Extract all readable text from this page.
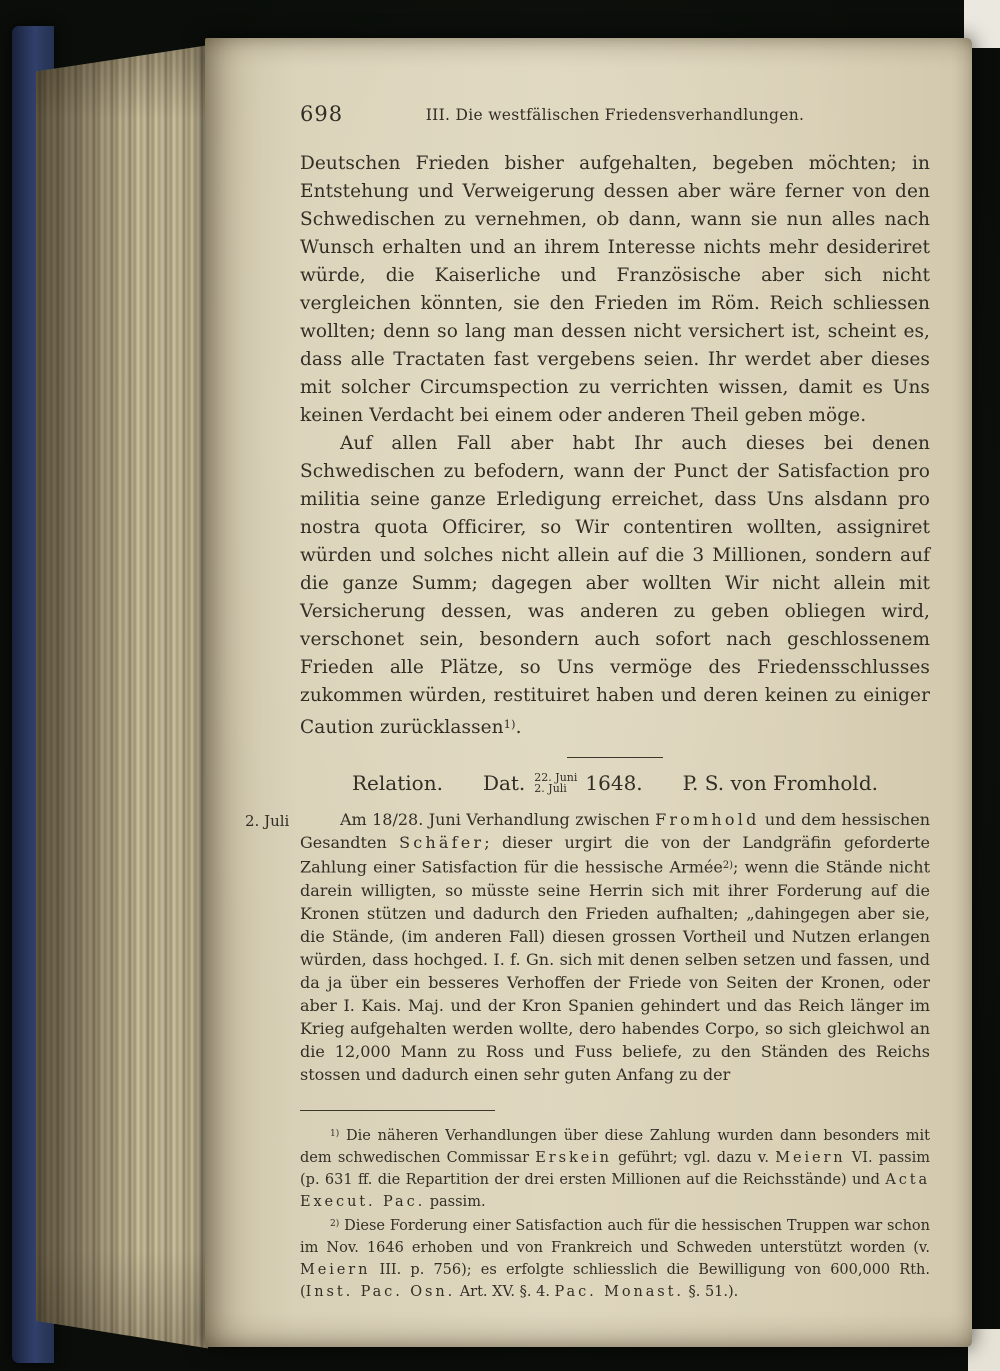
698	III. Die westfälischen Friedensverhandlungen.

Deutschen Frieden bisher aufgehalten, begeben möchten; in Entstehung und Verweigerung dessen aber wäre ferner von den Schwedischen zu vernehmen, ob dann, wann sie nun alles nach Wunsch erhalten und an ihrem Interesse nichts mehr desideriret würde, die Kaiserliche und Französische aber sich nicht vergleichen könnten, sie den Frieden im Röm. Reich schliessen wollten; denn so lang man dessen nicht versichert ist, scheint es, dass alle Tractaten fast vergebens seien. Ihr werdet aber dieses mit solcher Circumspection zu verrichten wissen, damit es Uns keinen Verdacht bei einem oder anderen Theil geben möge.

Auf allen Fall aber habt Ihr auch dieses bei denen Schwedischen zu befodern, wann der Punct der Satisfaction pro militia seine ganze Erledigung erreichet, dass Uns alsdann pro nostra quota Officirer, so Wir contentiren wollten, assigniret würden und solches nicht allein auf die 3 Millionen, sondern auf die ganze Summ; dagegen aber wollten Wir nicht allein mit Versicherung dessen, was anderen zu geben obliegen wird, verschonet sein, besondern auch sofort nach geschlossenem Frieden alle Plätze, so Uns vermöge des Friedensschlusses zukommen würden, restituiret haben und deren keinen zu einiger Caution zurücklassen$^{1)}$.

Relation. Dat. 22. Juni
2. Juli 1648. P. S. von Fromhold.

2. Juli	Am 18/28. Juni Verhandlung zwischen Fromhold und dem hessischen Gesandten Schäfer; dieser urgirt die von der Landgräfin geforderte Zahlung einer Satisfaction für die hessische Armée$^{2)}$; wenn die Stände nicht darein willigten, so müsste seine Herrin sich mit ihrer Forderung auf die Kronen stützen und dadurch den Frieden aufhalten; „dahingegen aber sie, die Stände, (im anderen Fall) diesen grossen Vortheil und Nutzen erlangen würden, dass hochged. I. f. Gn. sich mit denen selben setzen und fassen, und da ja über ein besseres Verhoffen der Friede von Seiten der Kronen, oder aber I. Kais. Maj. und der Kron Spanien gehindert und das Reich länger im Krieg aufgehalten werden wollte, dero habendes Corpo, so sich gleichwol an die 12,000 Mann zu Ross und Fuss beliefe, zu den Ständen des Reichs stossen und dadurch einen sehr guten Anfang zu der

$^{1)}$ Die näheren Verhandlungen über diese Zahlung wurden dann besonders mit dem schwedischen Commissar Erskein geführt; vgl. dazu v. Meiern VI. passim (p. 631 ff. die Repartition der drei ersten Millionen auf die Reichsstände) und Acta Execut. Pac. passim.

$^{2)}$ Diese Forderung einer Satisfaction auch für die hessischen Truppen war schon im Nov. 1646 erhoben und von Frankreich und Schweden unterstützt worden (v. Meiern III. p. 756); es erfolgte schliesslich die Bewilligung von 600,000 Rth. (Inst. Pac. Osn. Art. XV. §. 4. Pac. Monast. §. 51.).
